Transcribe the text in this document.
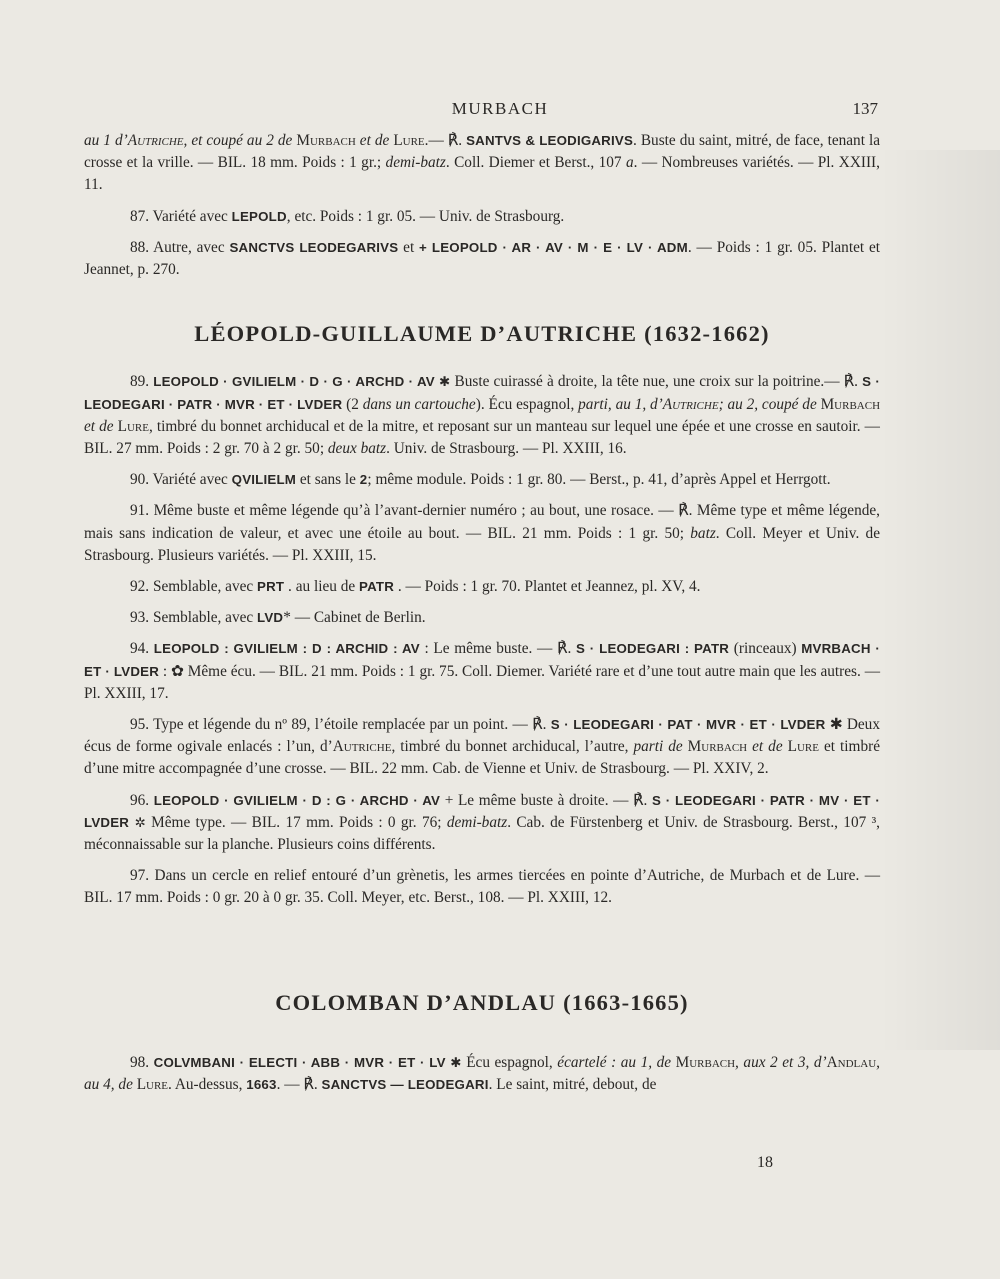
MURBACH	137

au 1 d’Autriche, et coupé au 2 de Murbach et de Lure.— ℟. SANTVS & LEODIGARIVS. Buste du saint, mitré, de face, tenant la crosse et la vrille. — BIL. 18 mm. Poids : 1 gr.; demi-batz. Coll. Diemer et Berst., 107 a. — Nombreuses variétés. — Pl. XXIII, 11.

87. Variété avec LEPOLD, etc. Poids : 1 gr. 05. — Univ. de Strasbourg.

88. Autre, avec SANCTVS LEODEGARIVS et + LEOPOLD · AR · AV · M · E · LV · ADM. — Poids : 1 gr. 05. Plantet et Jeannet, p. 270.

LÉOPOLD-GUILLAUME D’AUTRICHE (1632-1662)

89. LEOPOLD · GVILIELM · D · G · ARCHD · AV ✱ Buste cuirassé à droite, la tête nue, une croix sur la poitrine.— ℟. S · LEODEGARI · PATR · MVR · ET · LVDER (2 dans un cartouche). Écu espagnol, parti, au 1, d’Autriche; au 2, coupé de Murbach et de Lure, timbré du bonnet archiducal et de la mitre, et reposant sur un manteau sur lequel une épée et une crosse en sautoir. — BIL. 27 mm. Poids : 2 gr. 70 à 2 gr. 50; deux batz. Univ. de Strasbourg. — Pl. XXIII, 16.

90. Variété avec QVILIELM et sans le 2; même module. Poids : 1 gr. 80. — Berst., p. 41, d’après Appel et Herrgott.

91. Même buste et même légende qu’à l’avant-dernier numéro ; au bout, une rosace. — ℟. Même type et même légende, mais sans indication de valeur, et avec une étoile au bout. — BIL. 21 mm. Poids : 1 gr. 50; batz. Coll. Meyer et Univ. de Strasbourg. Plusieurs variétés. — Pl. XXIII, 15.

92. Semblable, avec PRT . au lieu de PATR . — Poids : 1 gr. 70. Plantet et Jeannez, pl. XV, 4.

93. Semblable, avec LVD* — Cabinet de Berlin.

94. LEOPOLD : GVILIELM : D : ARCHID : AV : Le même buste. — ℟. S · LEODEGARI : PATR (rinceaux) MVRBACH · ET · LVDER : ✿ Même écu. — BIL. 21 mm. Poids : 1 gr. 75. Coll. Diemer. Variété rare et d’une tout autre main que les autres. — Pl. XXIII, 17.

95. Type et légende du nº 89, l’étoile remplacée par un point. — ℟. S · LEODEGARI · PAT · MVR · ET · LVDER ✱ Deux écus de forme ogivale enlacés : l’un, d’Autriche, timbré du bonnet archiducal, l’autre, parti de Murbach et de Lure et timbré d’une mitre accompagnée d’une crosse. — BIL. 22 mm. Cab. de Vienne et Univ. de Strasbourg. — Pl. XXIV, 2.

96. LEOPOLD · GVILIELM · D : G · ARCHD · AV + Le même buste à droite. — ℟. S · LEODEGARI · PATR · MV · ET · LVDER ✲ Même type. — BIL. 17 mm. Poids : 0 gr. 76; demi-batz. Cab. de Fürstenberg et Univ. de Strasbourg. Berst., 107 ³, méconnaissable sur la planche. Plusieurs coins différents.

97. Dans un cercle en relief entouré d’un grènetis, les armes tiercées en pointe d’Autriche, de Murbach et de Lure. — BIL. 17 mm. Poids : 0 gr. 20 à 0 gr. 35. Coll. Meyer, etc. Berst., 108. — Pl. XXIII, 12.

COLOMBAN D’ANDLAU (1663-1665)

98. COLVMBANI · ELECTI · ABB · MVR · ET · LV ✱ Écu espagnol, écartelé : au 1, de Murbach, aux 2 et 3, d’Andlau, au 4, de Lure. Au-dessus, 1663. — ℟. SANCTVS — LEODEGARI. Le saint, mitré, debout, de

18
